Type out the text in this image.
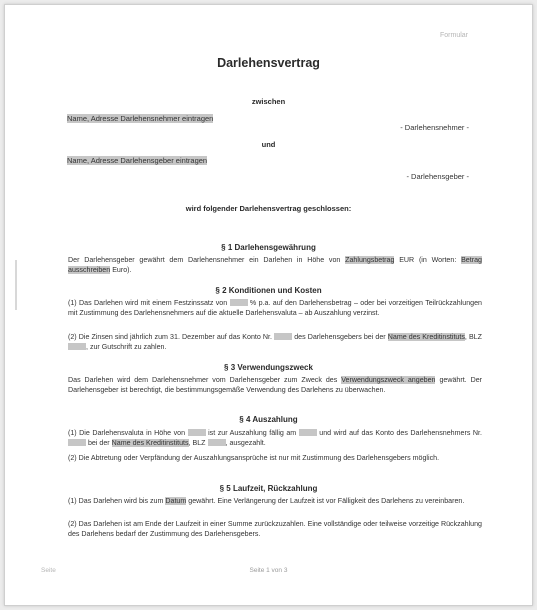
Formular
Darlehensvertrag
zwischen
Name, Adresse Darlehensnehmer eintragen
- Darlehensnehmer -
und
Name, Adresse Darlehensgeber eintragen
- Darlehensgeber -
wird folgender Darlehensvertrag geschlossen:
§ 1 Darlehensgewährung
Der Darlehensgeber gewährt dem Darlehensnehmer ein Darlehen in Höhe von Zahlungsbetrag EUR (in Worten: Betrag ausschreiben Euro).
§ 2 Konditionen und Kosten
(1) Das Darlehen wird mit einem Festzinssatz von	% p.a. auf den Darlehensbetrag – oder bei vorzeitigen Teilrückzahlungen mit Zustimmung des Darlehensnehmers auf die aktuelle Darlehensvaluta – ab Auszahlung verzinst.
(2) Die Zinsen sind jährlich zum 31. Dezember auf das Konto Nr.	des Darlehensgebers bei der Name des Kreditinstituts, BLZ , zur Gutschrift zu zahlen.
§ 3 Verwendungszweck
Das Darlehen wird dem Darlehensnehmer vom Darlehensgeber zum Zweck des Verwendungszweck angeben gewährt. Der Darlehensgeber ist berechtigt, die bestimmungsgemäße Verwendung des Darlehens zu überwachen.
§ 4 Auszahlung
(1) Die Darlehensvaluta in Höhe von	ist zur Auszahlung fällig am	und wird auf das Konto des Darlehensnehmers Nr.  bei der Name des Kreditinstituts, BLZ	, ausgezahlt.
(2) Die Abtretung oder Verpfändung der Auszahlungsansprüche ist nur mit Zustimmung des Darlehensgebers möglich.
§ 5 Laufzeit, Rückzahlung
(1) Das Darlehen wird bis zum Datum gewährt. Eine Verlängerung der Laufzeit ist vor Fälligkeit des Darlehens zu vereinbaren.
(2) Das Darlehen ist am Ende der Laufzeit in einer Summe zurückzuzahlen. Eine vollständige oder teilweise vorzeitige Rückzahlung des Darlehens bedarf der Zustimmung des Darlehensgebers.
Seite	Seite 1 von 3
